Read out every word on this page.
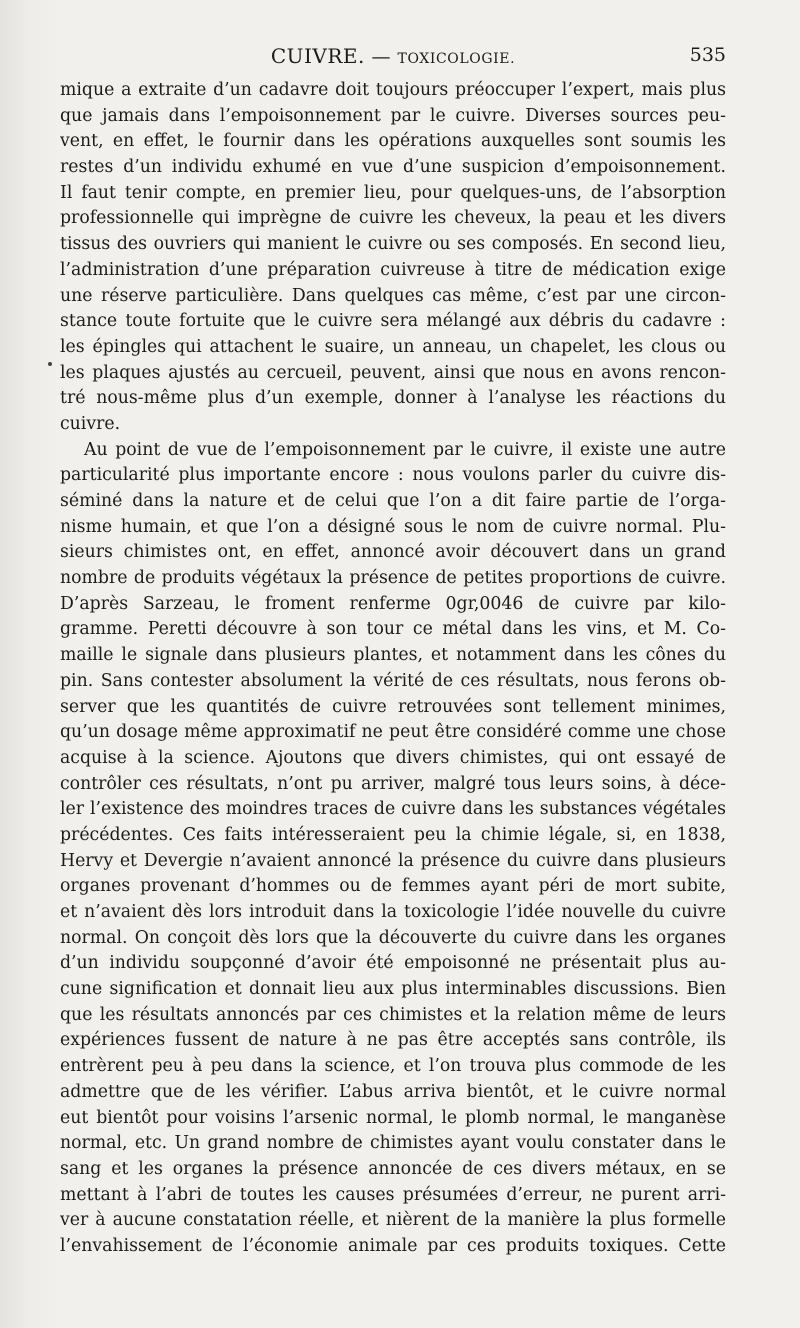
CUIVRE. — TOXICOLOGIE.	535
mique a extraite d’un cadavre doit toujours préoccuper l’expert, mais plus
que jamais dans l’empoisonnement par le cuivre. Diverses sources peu-
vent, en effet, le fournir dans les opérations auxquelles sont soumis les
restes d’un individu exhumé en vue d’une suspicion d’empoisonnement.
Il faut tenir compte, en premier lieu, pour quelques-uns, de l’absorption
professionnelle qui imprègne de cuivre les cheveux, la peau et les divers
tissus des ouvriers qui manient le cuivre ou ses composés. En second lieu,
l’administration d’une préparation cuivreuse à titre de médication exige
une réserve particulière. Dans quelques cas même, c’est par une circon-
stance toute fortuite que le cuivre sera mélangé aux débris du cadavre :
les épingles qui attachent le suaire, un anneau, un chapelet, les clous ou
les plaques ajustés au cercueil, peuvent, ainsi que nous en avons rencon-
tré nous-même plus d’un exemple, donner à l’analyse les réactions du
cuivre.
Au point de vue de l’empoisonnement par le cuivre, il existe une autre
particularité plus importante encore : nous voulons parler du cuivre dis-
séminé dans la nature et de celui que l’on a dit faire partie de l’orga-
nisme humain, et que l’on a désigné sous le nom de cuivre normal. Plu-
sieurs chimistes ont, en effet, annoncé avoir découvert dans un grand
nombre de produits végétaux la présence de petites proportions de cuivre.
D’après Sarzeau, le froment renferme 0gr,0046 de cuivre par kilo-
gramme. Peretti découvre à son tour ce métal dans les vins, et M. Co-
maille le signale dans plusieurs plantes, et notamment dans les cônes du
pin. Sans contester absolument la vérité de ces résultats, nous ferons ob-
server que les quantités de cuivre retrouvées sont tellement minimes,
qu’un dosage même approximatif ne peut être considéré comme une chose
acquise à la science. Ajoutons que divers chimistes, qui ont essayé de
contrôler ces résultats, n’ont pu arriver, malgré tous leurs soins, à déce-
ler l’existence des moindres traces de cuivre dans les substances végétales
précédentes. Ces faits intéresseraient peu la chimie légale, si, en 1838,
Hervy et Devergie n’avaient annoncé la présence du cuivre dans plusieurs
organes provenant d’hommes ou de femmes ayant péri de mort subite,
et n’avaient dès lors introduit dans la toxicologie l’idée nouvelle du cuivre
normal. On conçoit dès lors que la découverte du cuivre dans les organes
d’un individu soupçonné d’avoir été empoisonné ne présentait plus au-
cune signification et donnait lieu aux plus interminables discussions. Bien
que les résultats annoncés par ces chimistes et la relation même de leurs
expériences fussent de nature à ne pas être acceptés sans contrôle, ils
entrèrent peu à peu dans la science, et l’on trouva plus commode de les
admettre que de les vérifier. L’abus arriva bientôt, et le cuivre normal
eut bientôt pour voisins l’arsenic normal, le plomb normal, le manganèse
normal, etc. Un grand nombre de chimistes ayant voulu constater dans le
sang et les organes la présence annoncée de ces divers métaux, en se
mettant à l’abri de toutes les causes présumées d’erreur, ne purent arri-
ver à aucune constatation réelle, et nièrent de la manière la plus formelle
l’envahissement de l’économie animale par ces produits toxiques. Cette
